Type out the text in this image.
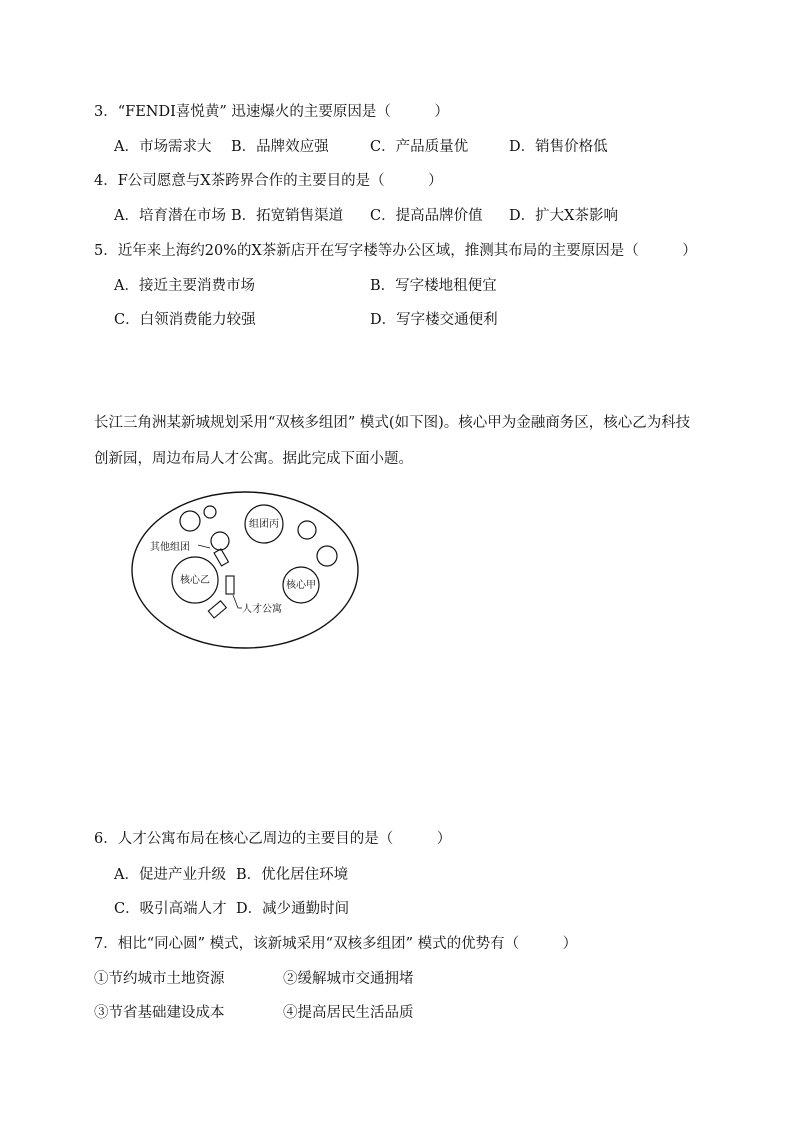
3．“FENDI喜悦黄” 迅速爆火的主要原因是（　　　）
A．市场需求大 B．品牌效应强	C．产品质量优	D．销售价格低
4．F公司愿意与X茶跨界合作的主要目的是（　　　）
A．培育潜在市场 B．拓宽销售渠道 C．提高品牌价值 D．扩大X茶影响
5．近年来上海约20%的X茶新店开在写字楼等办公区域，推测其布局的主要原因是（　　　）
A．接近主要消费市场	B．写字楼地租便宜
C．白领消费能力较强	D．写字楼交通便利
长江三角洲某新城规划采用“双核多组团” 模式(如下图)。核心甲为金融商务区，核心乙为科技创新园，周边布局人才公寓。据此完成下面小题。
组团丙
其他组团
核心乙	核心甲
人才公寓
6．人才公寓布局在核心乙周边的主要目的是（　　　）
A．促进产业升级 B．优化居住环境
C．吸引高端人才 D．减少通勤时间
7．相比“同心圆” 模式，该新城采用“双核多组团” 模式的优势有（　　　）
①节约城市土地资源	②缓解城市交通拥堵
③节省基础建设成本	④提高居民生活品质
